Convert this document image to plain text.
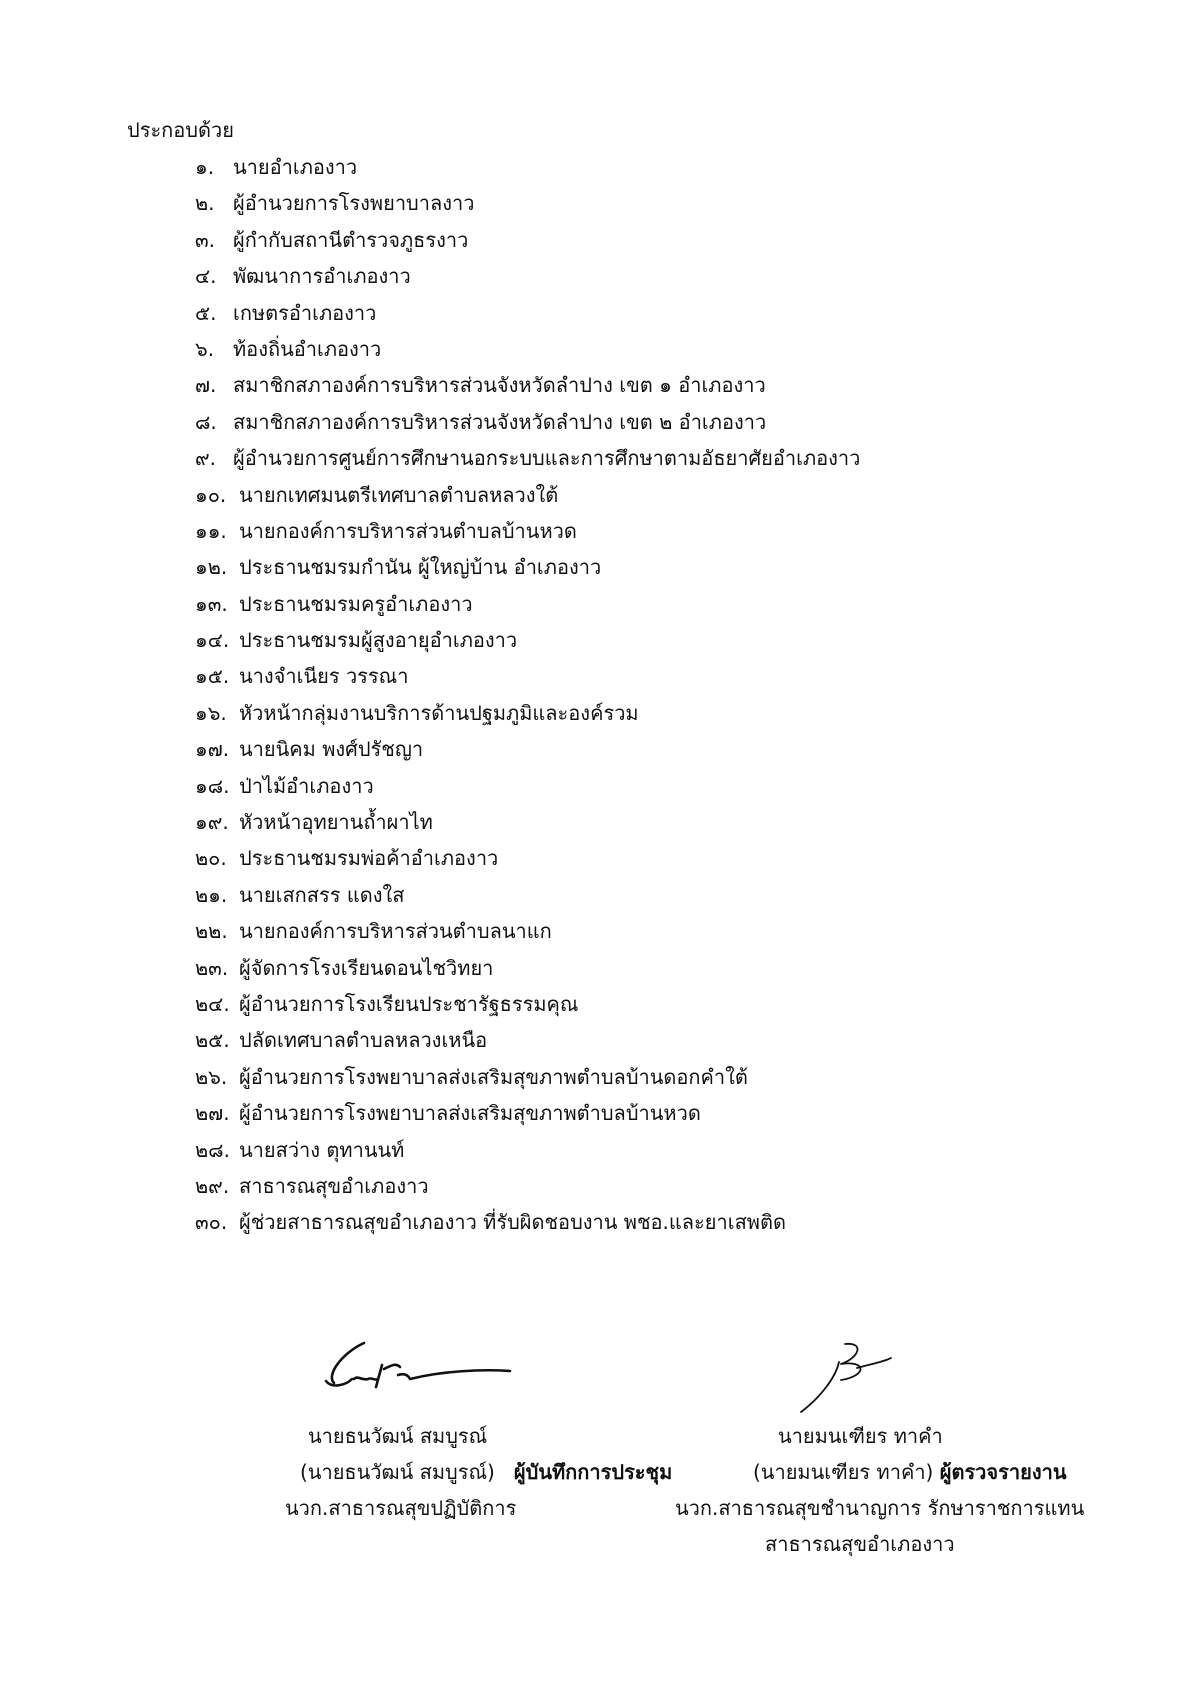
ประกอบด้วย

๑. นายอำเภองาว
๒. ผู้อำนวยการโรงพยาบาลงาว
๓. ผู้กำกับสถานีตำรวจภูธรงาว
๔. พัฒนาการอำเภองาว
๕. เกษตรอำเภองาว
๖. ท้องถิ่นอำเภองาว
๗. สมาชิกสภาองค์การบริหารส่วนจังหวัดลำปาง เขต ๑ อำเภองาว
๘. สมาชิกสภาองค์การบริหารส่วนจังหวัดลำปาง เขต ๒ อำเภองาว
๙. ผู้อำนวยการศูนย์การศึกษานอกระบบและการศึกษาตามอัธยาศัยอำเภองาว
๑๐. นายกเทศมนตรีเทศบาลตำบลหลวงใต้
๑๑. นายกองค์การบริหารส่วนตำบลบ้านหวด
๑๒. ประธานชมรมกำนัน ผู้ใหญ่บ้าน อำเภองาว
๑๓. ประธานชมรมครูอำเภองาว
๑๔. ประธานชมรมผู้สูงอายุอำเภองาว
๑๕. นางจำเนียร วรรณา
๑๖. หัวหน้ากลุ่มงานบริการด้านปฐมภูมิและองค์รวม
๑๗. นายนิคม พงศ์ปรัชญา
๑๘. ป่าไม้อำเภองาว
๑๙. หัวหน้าอุทยานถ้ำผาไท
๒๐. ประธานชมรมพ่อค้าอำเภองาว
๒๑. นายเสกสรร แดงใส
๒๒. นายกองค์การบริหารส่วนตำบลนาแก
๒๓. ผู้จัดการโรงเรียนดอนไชวิทยา
๒๔. ผู้อำนวยการโรงเรียนประชารัฐธรรมคุณ
๒๕. ปลัดเทศบาลตำบลหลวงเหนือ
๒๖. ผู้อำนวยการโรงพยาบาลส่งเสริมสุขภาพตำบลบ้านดอกคำใต้
๒๗. ผู้อำนวยการโรงพยาบาลส่งเสริมสุขภาพตำบลบ้านหวด
๒๘. นายสว่าง ตุทานนท์
๒๙. สาธารณสุขอำเภองาว
๓๐. ผู้ช่วยสาธารณสุขอำเภองาว ที่รับผิดชอบงาน พชอ.และยาเสพติด
นายธนวัฒน์ สมบูรณ์
(นายธนวัฒน์ สมบูรณ์) ผู้บันทึกการประชุม
นวก.สาธารณสุขปฏิบัติการ
นายมนเฑียร ทาคำ
(นายมนเฑียร ทาคำ) ผู้ตรวจรายงาน
นวก.สาธารณสุขชำนาญการ รักษาราชการแทน
สาธารณสุขอำเภองาว
